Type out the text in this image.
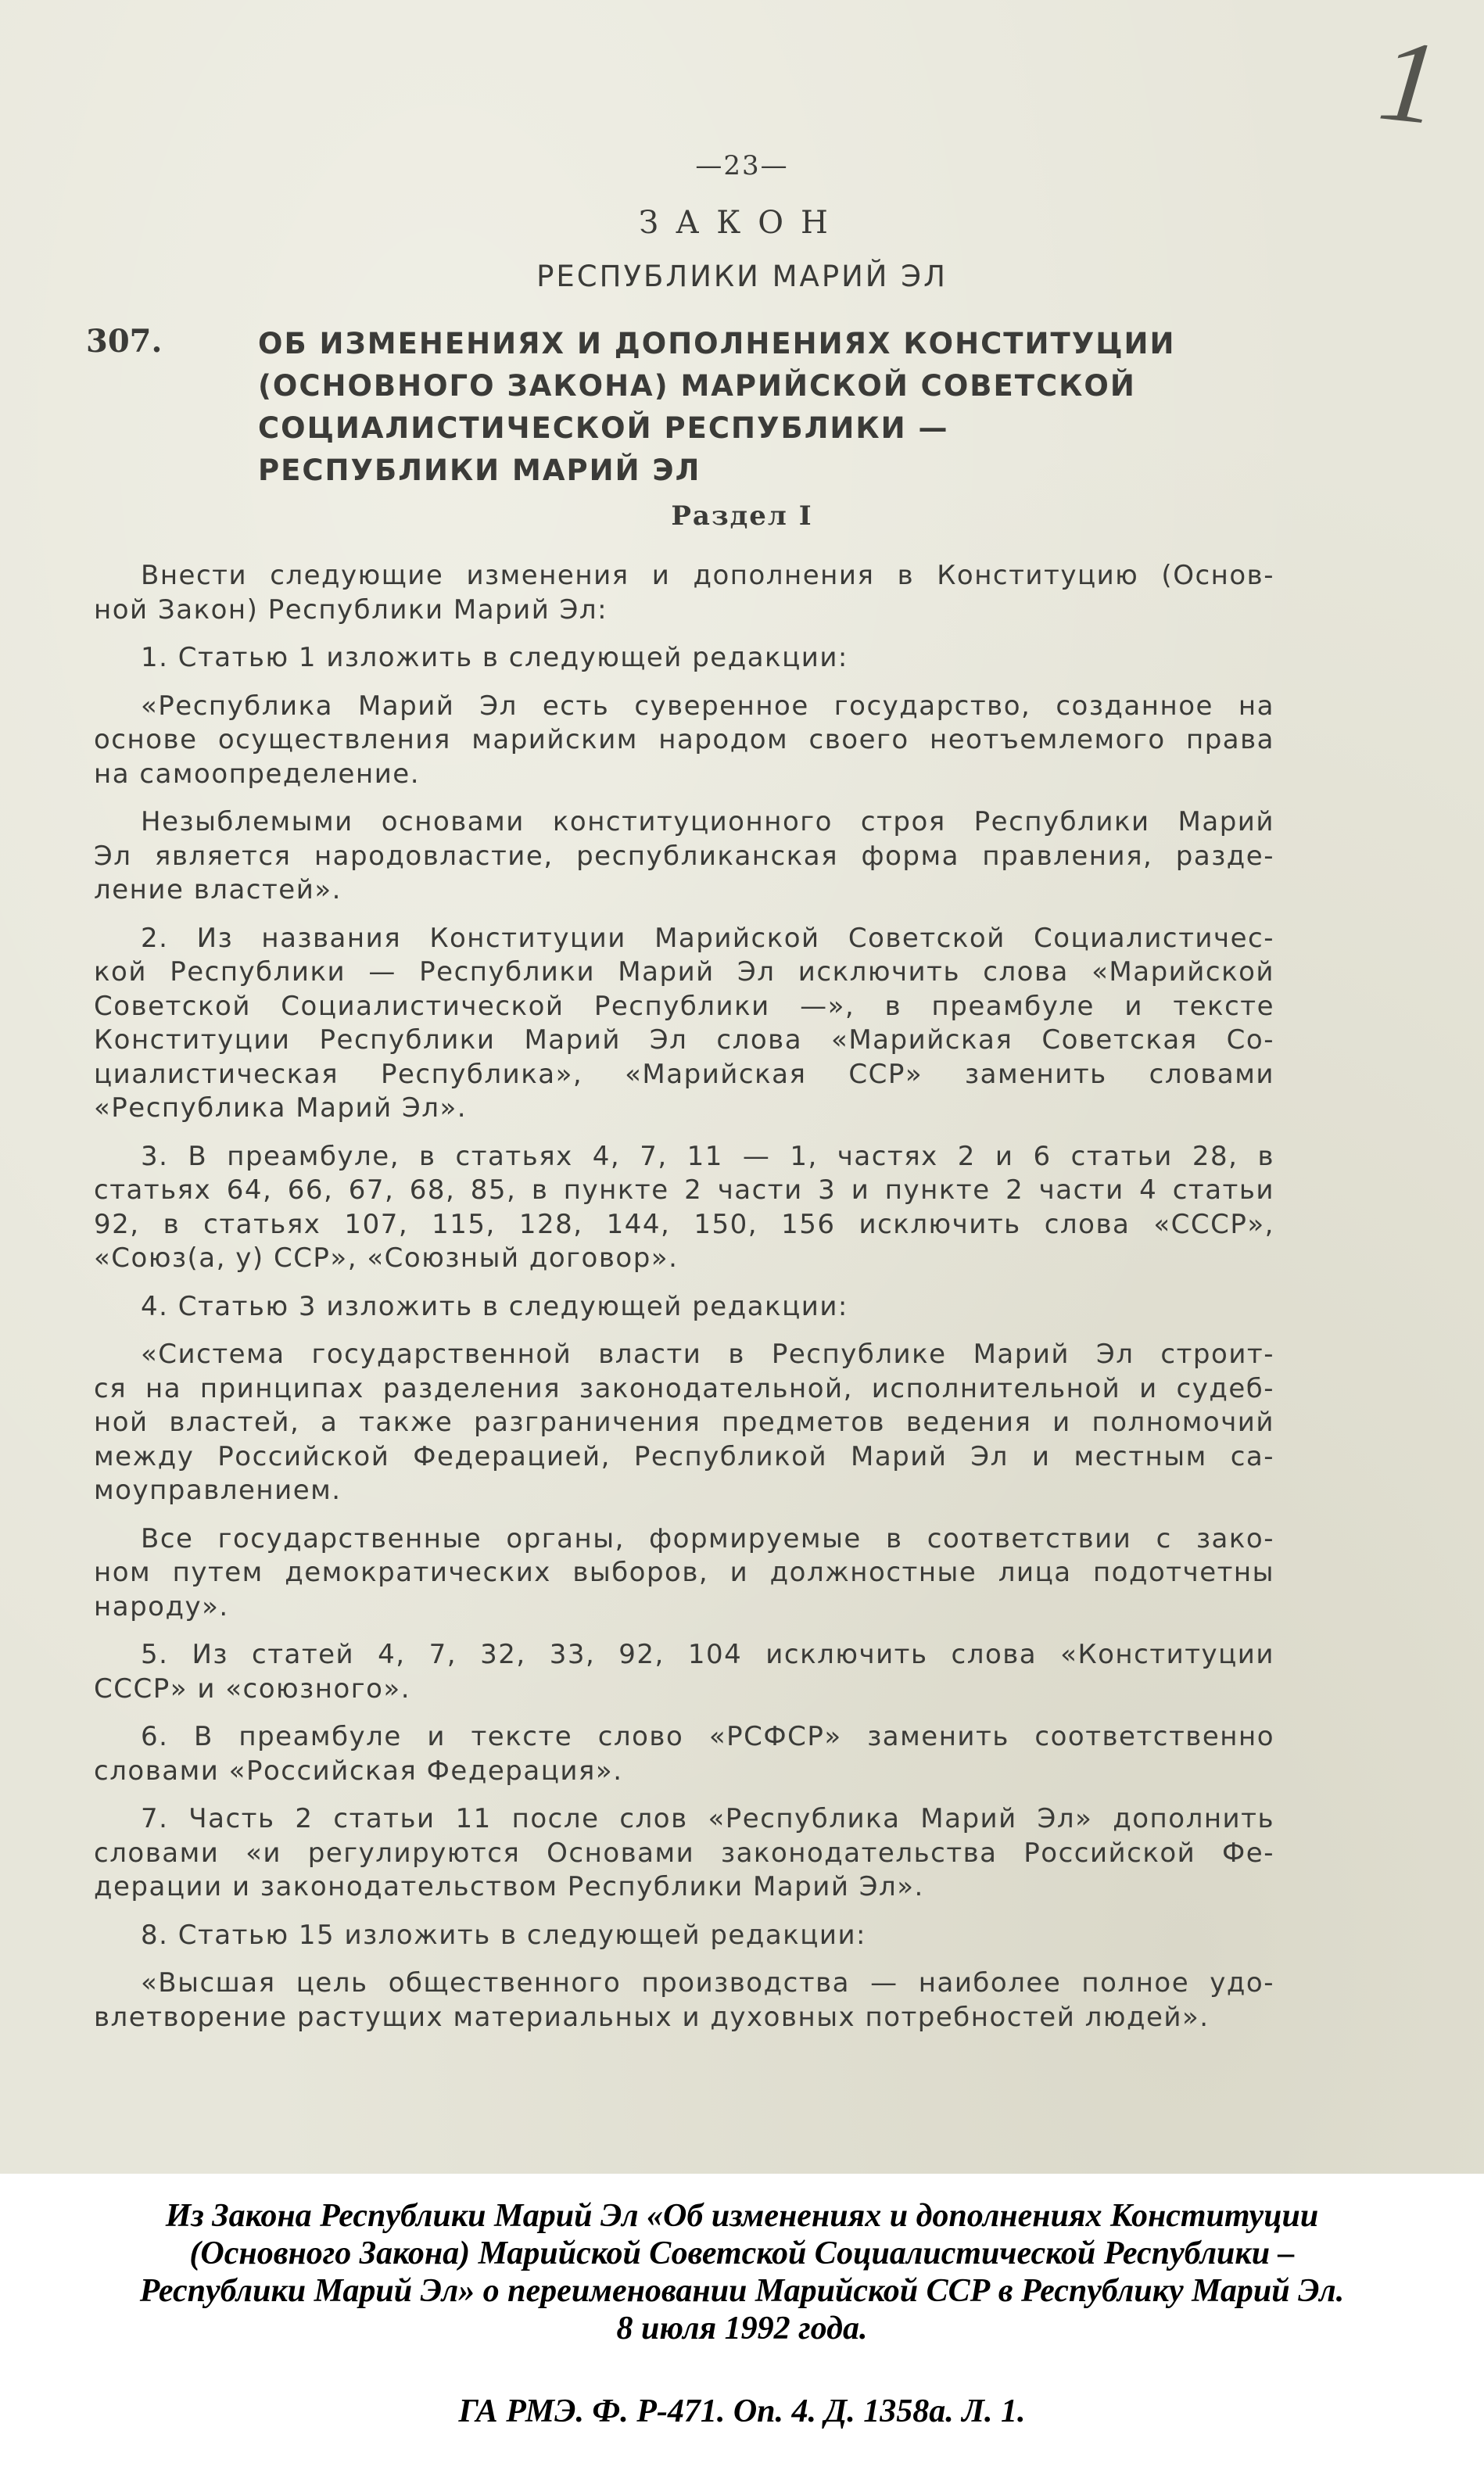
1
—23—
ЗАКОН
РЕСПУБЛИКИ МАРИЙ ЭЛ
307.	ОБ ИЗМЕНЕНИЯХ И ДОПОЛНЕНИЯХ КОНСТИТУЦИИ
(ОСНОВНОГО ЗАКОНА) МАРИЙСКОЙ СОВЕТСКОЙ
СОЦИАЛИСТИЧЕСКОЙ РЕСПУБЛИКИ —
РЕСПУБЛИКИ МАРИЙ ЭЛ
Раздел I
Внести следующие изменения и дополнения в Конституцию (Основ-
ной Закон) Республики Марий Эл:
1. Статью 1 изложить в следующей редакции:
«Республика Марий Эл есть суверенное государство, созданное на
основе осуществления марийским народом своего неотъемлемого права
на самоопределение.
Незыблемыми основами конституционного строя Республики Марий
Эл является народовластие, республиканская форма правления, разде-
ление властей».
2. Из названия Конституции Марийской Советской Социалистичес-
кой Республики — Республики Марий Эл исключить слова «Марийской
Советской Социалистической Республики —», в преамбуле и тексте
Конституции Республики Марий Эл слова «Марийская Советская Со-
циалистическая Республика», «Марийская ССР» заменить словами
«Республика Марий Эл».
3. В преамбуле, в статьях 4, 7, 11 — 1, частях 2 и 6 статьи 28, в
статьях 64, 66, 67, 68, 85, в пункте 2 части 3 и пункте 2 части 4 статьи
92, в статьях 107, 115, 128, 144, 150, 156 исключить слова «СССР»,
«Союз(а, у) ССР», «Союзный договор».
4. Статью 3 изложить в следующей редакции:
«Система государственной власти в Республике Марий Эл строит-
ся на принципах разделения законодательной, исполнительной и судеб-
ной властей, а также разграничения предметов ведения и полномочий
между Российской Федерацией, Республикой Марий Эл и местным са-
моуправлением.
Все государственные органы, формируемые в соответствии с зако-
ном путем демократических выборов, и должностные лица подотчетны
народу».
5. Из статей 4, 7, 32, 33, 92, 104 исключить слова «Конституции
СССР» и «союзного».
6. В преамбуле и тексте слово «РСФСР» заменить соответственно
словами «Российская Федерация».
7. Часть 2 статьи 11 после слов «Республика Марий Эл» дополнить
словами «и регулируются Основами законодательства Российской Фе-
дерации и законодательством Республики Марий Эл».
8. Статью 15 изложить в следующей редакции:
«Высшая цель общественного производства — наиболее полное удо-
влетворение растущих материальных и духовных потребностей людей».
Из Закона Республики Марий Эл «Об изменениях и дополнениях Конституции
(Основного Закона) Марийской Советской Социалистической Республики –
Республики Марий Эл» о переименовании Марийской ССР в Республику Марий Эл.
8 июля 1992 года.
ГА РМЭ. Ф. Р-471. Оп. 4. Д. 1358а. Л. 1.
